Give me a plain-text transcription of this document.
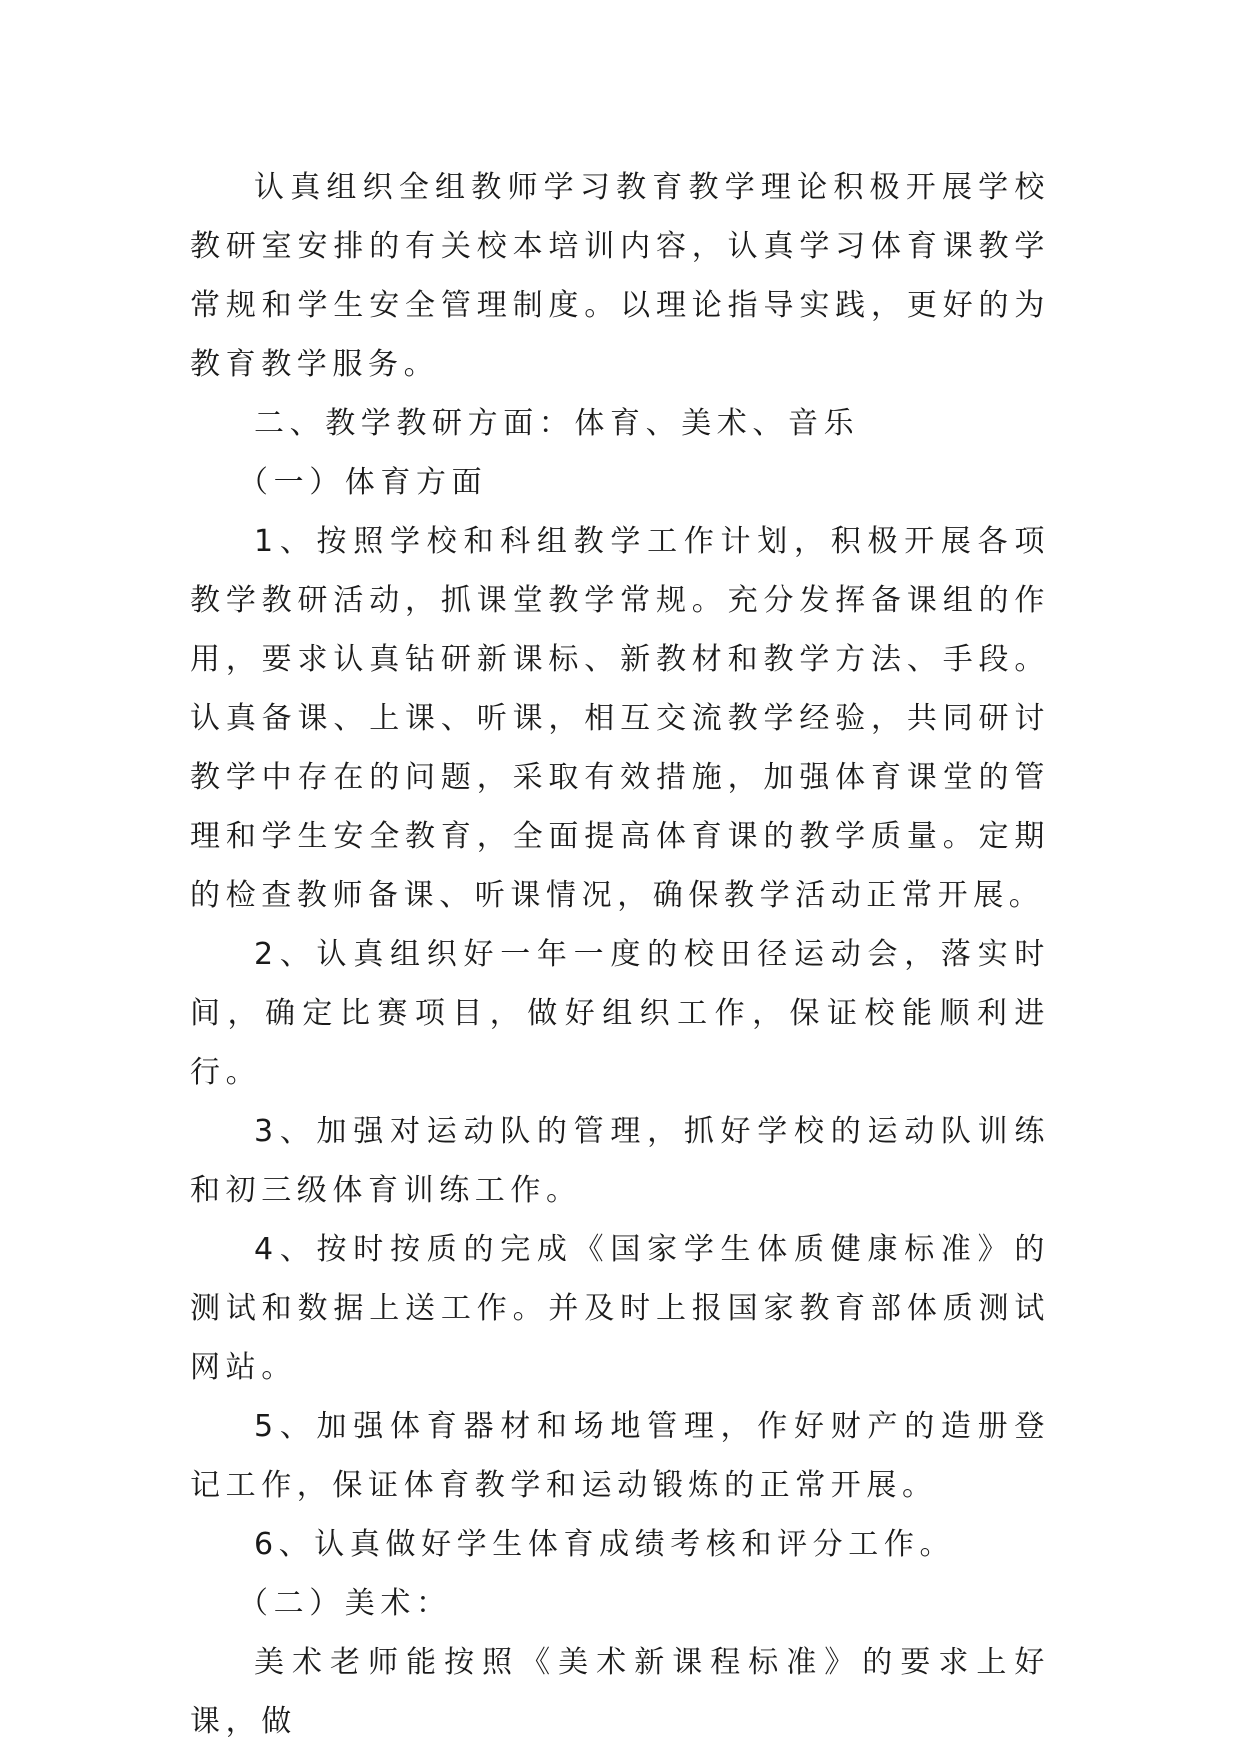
认真组织全组教师学习教育教学理论积极开展学校教研室安排的有关校本培训内容，认真学习体育课教学常规和学生安全管理制度。以理论指导实践，更好的为教育教学服务。

二、教学教研方面：体育、美术、音乐

（一）体育方面

1、按照学校和科组教学工作计划，积极开展各项教学教研活动，抓课堂教学常规。充分发挥备课组的作用，要求认真钻研新课标、新教材和教学方法、手段。认真备课、上课、听课，相互交流教学经验，共同研讨教学中存在的问题，采取有效措施，加强体育课堂的管理和学生安全教育，全面提高体育课的教学质量。定期的检查教师备课、听课情况，确保教学活动正常开展。

2、认真组织好一年一度的校田径运动会，落实时间，确定比赛项目，做好组织工作，保证校能顺利进行。

3、加强对运动队的管理，抓好学校的运动队训练和初三级体育训练工作。

4、按时按质的完成《国家学生体质健康标准》的测试和数据上送工作。并及时上报国家教育部体质测试网站。

5、加强体育器材和场地管理，作好财产的造册登记工作，保证体育教学和运动锻炼的正常开展。

6、认真做好学生体育成绩考核和评分工作。

（二）美术：

美术老师能按照《美术新课程标准》的要求上好课，做
